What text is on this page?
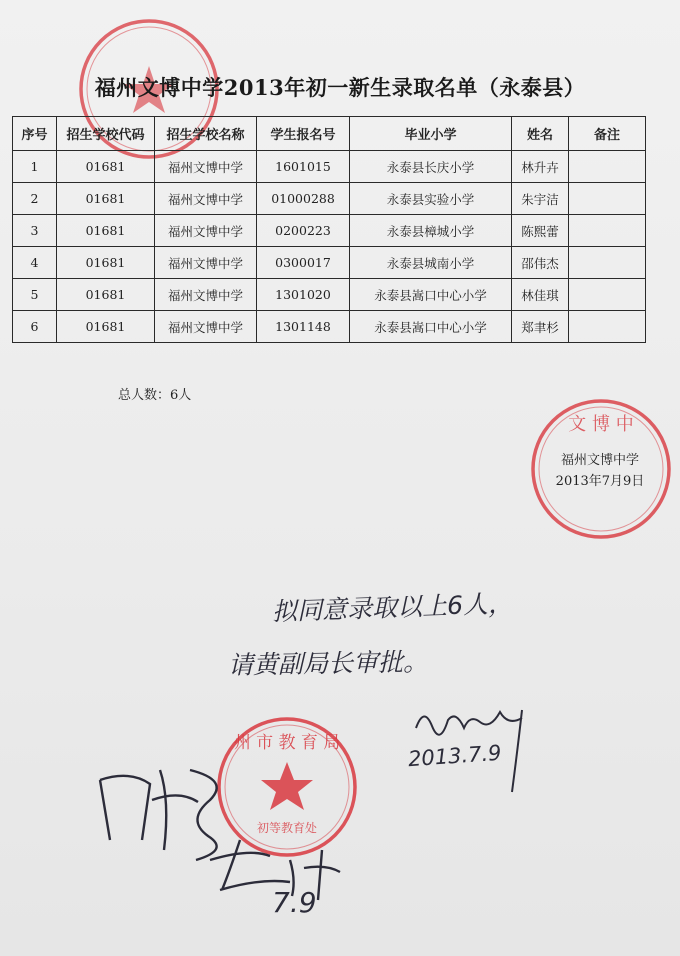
福州文博中学2013年初一新生录取名单（永泰县）
序号	招生学校代码	招生学校名称	学生报名号	毕业小学	姓名	备注
1	01681	福州文博中学	1601015	永泰县长庆小学	林升卉	
2	01681	福州文博中学	01000288	永泰县实验小学	朱宇洁	
3	01681	福州文博中学	0200223	永泰县樟城小学	陈熙蕾	
4	01681	福州文博中学	0300017	永泰县城南小学	邵伟杰	
5	01681	福州文博中学	1301020	永泰县嵩口中心小学	林佳琪	
6	01681	福州文博中学	1301148	永泰县嵩口中心小学	郑聿杉	
总人数：6人
文 博 中
福州文博中学
2013年7月9日
拟同意录取以上6人，
请黄副局长审批。
2013.7.9
州 市 教 育 局
初等教育处
7.9
